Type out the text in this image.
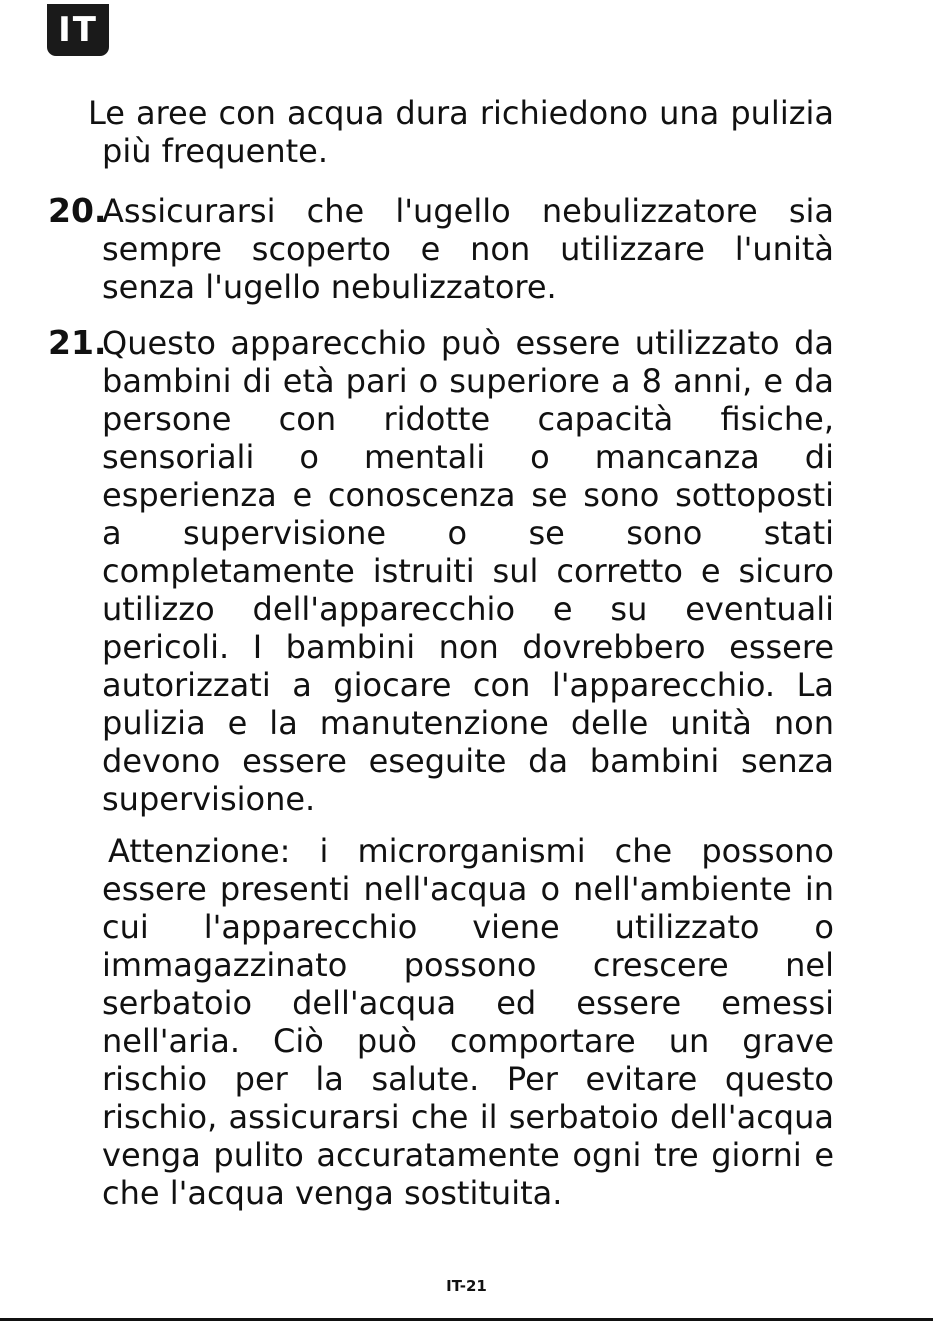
IT

Le aree con acqua dura richiedono una pulizia più frequente.

20.

Assicurarsi che l'ugello nebulizzatore sia sempre scoperto e non utilizzare l'unità senza l'ugello nebulizzatore.

21.

Questo apparecchio può essere utilizzato da bambini di età pari o superiore a 8 anni, e da persone con ridotte capacità fisiche, sensoriali o mentali o mancanza di esperienza e conoscenza se sono sottoposti a supervisione o se sono stati completamente istruiti sul corretto e sicuro utilizzo dell'apparecchio e su eventuali pericoli. I bambini non dovrebbero essere autorizzati a giocare con l'apparecchio. La pulizia e la manutenzione delle unità non devono essere eseguite da bambini senza supervisione.

Attenzione: i microrganismi che possono essere presenti nell'acqua o nell'ambiente in cui l'apparecchio viene utilizzato o immagazzinato possono crescere nel serbatoio dell'acqua ed essere emessi nell'aria. Ciò può comportare un grave rischio per la salute. Per evitare questo rischio, assicurarsi che il serbatoio dell'acqua venga pulito accuratamente ogni tre giorni e che l'acqua venga sostituita.

IT-21
